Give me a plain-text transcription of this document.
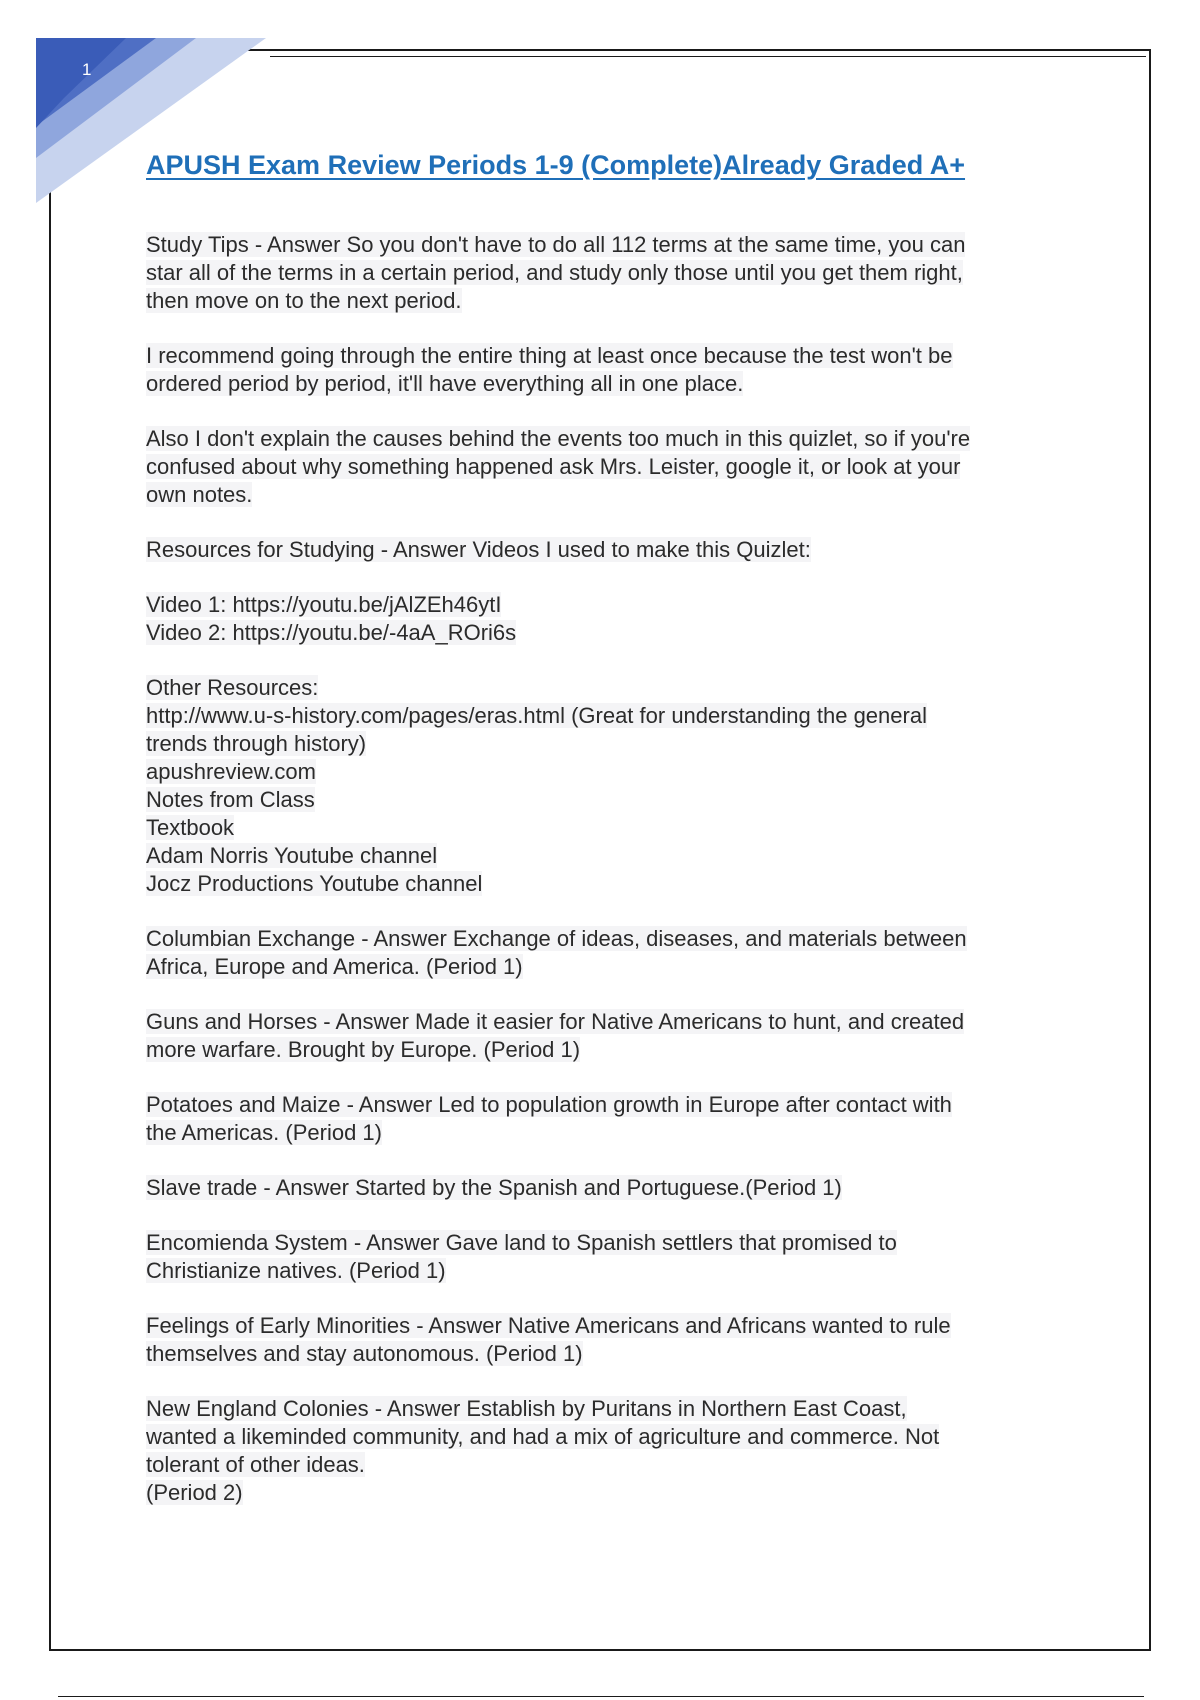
1
APUSH Exam Review Periods 1-9 (Complete)Already Graded A+

Study Tips - Answer So you don't have to do all 112 terms at the same time, you can
star all of the terms in a certain period, and study only those until you get them right,
then move on to the next period.

I recommend going through the entire thing at least once because the test won't be
ordered period by period, it'll have everything all in one place.

Also I don't explain the causes behind the events too much in this quizlet, so if you're
confused about why something happened ask Mrs. Leister, google it, or look at your
own notes.

Resources for Studying - Answer Videos I used to make this Quizlet:

Video 1: https://youtu.be/jAlZEh46ytI
Video 2: https://youtu.be/-4aA_ROri6s

Other Resources:
http://www.u-s-history.com/pages/eras.html (Great for understanding the general
trends through history)
apushreview.com
Notes from Class
Textbook
Adam Norris Youtube channel
Jocz Productions Youtube channel

Columbian Exchange - Answer Exchange of ideas, diseases, and materials between
Africa, Europe and America. (Period 1)

Guns and Horses - Answer Made it easier for Native Americans to hunt, and created
more warfare. Brought by Europe. (Period 1)

Potatoes and Maize - Answer Led to population growth in Europe after contact with
the Americas. (Period 1)

Slave trade - Answer Started by the Spanish and Portuguese.(Period 1)

Encomienda System - Answer Gave land to Spanish settlers that promised to
Christianize natives. (Period 1)

Feelings of Early Minorities - Answer Native Americans and Africans wanted to rule
themselves and stay autonomous. (Period 1)

New England Colonies - Answer Establish by Puritans in Northern East Coast,
wanted a likeminded community, and had a mix of agriculture and commerce. Not
tolerant of other ideas.
(Period 2)
